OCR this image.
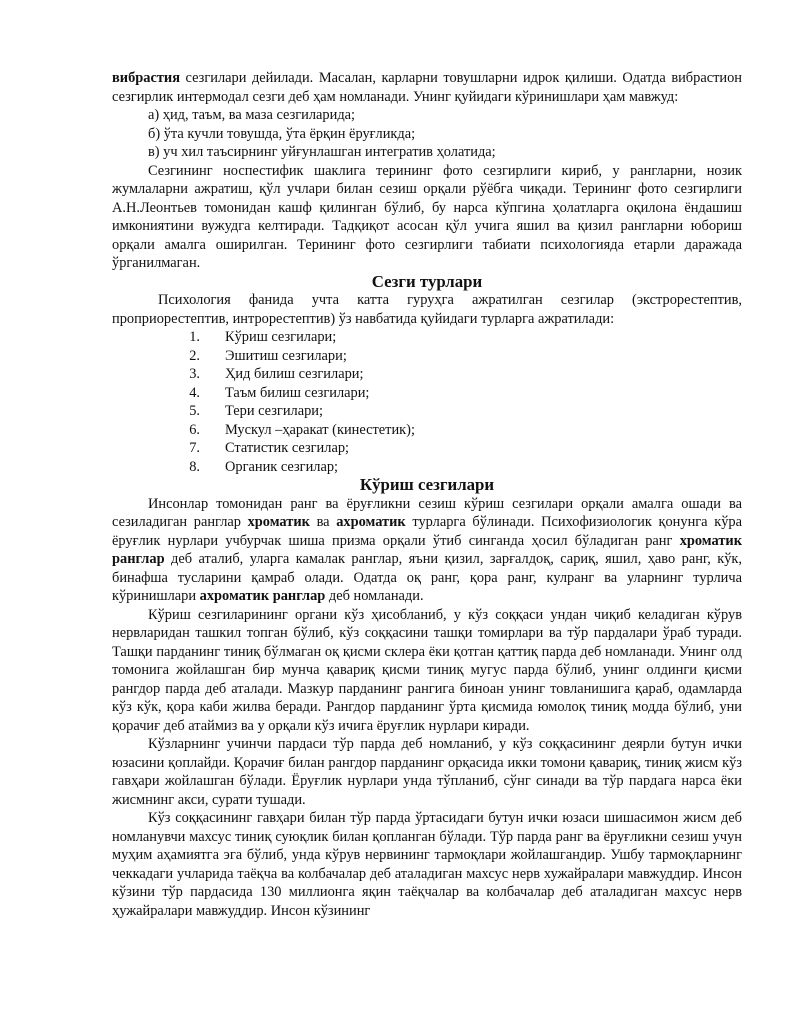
вибрастия сезгилари дейилади. Масалан, карларни товушларни идрок қилиши. Одатда вибрастион сезгирлик интермодал сезги деб ҳам номланади. Унинг қуйидаги кўринишлари ҳам мавжуд:

а) ҳид, таъм, ва маза сезгиларида;
б) ўта кучли товушда, ўта ёрқин ёруғликда;
в) уч хил таъсирнинг уйғунлашган интегратив ҳолатида;

Сезгининг носпестифик шаклига терининг фото сезгирлиги кириб, у рангларни, нозик жумлаларни ажратиш, қўл учлари билан сезиш орқали рўёбга чиқади. Терининг фото сезгирлиги А.Н.Леонтьев томонидан кашф қилинган бўлиб, бу нарса кўпгина ҳолатларга оқилона ёндашиш имкониятини вужудга келтиради. Тадқиқот асосан қўл учига яшил ва қизил рангларни юбориш орқали амалга оширилган. Терининг фото сезгирлиги табиати психологияда етарли даражада ўрганилмаган.

Сезги турлари

Психология фанида учта катта гуруҳга ажратилган сезгилар (экстрорестептив, проприорестептив, интрорестептив) ўз навбатида қуйидаги турларга ажратилади:

1.	Кўриш сезгилари;
2.	Эшитиш сезгилари;
3.	Ҳид билиш сезгилари;
4.	Таъм билиш сезгилари;
5.	Тери сезгилари;
6.	Мускул –ҳаракат (кинестетик);
7.	Статистик сезгилар;
8.	Органик сезгилар;
Кўриш сезгилари

Инсонлар томонидан ранг ва ёруғликни сезиш кўриш сезгилари орқали амалга ошади ва сезиладиган ранглар хроматик ва ахроматик турларга бўлинади. Психофизиологик қонунга кўра ёруғлик нурлари учбурчак шиша призма орқали ўтиб синганда ҳосил бўладиган ранг хроматик ранглар деб аталиб, уларга камалак ранглар, яъни қизил, зарғалдоқ, сариқ, яшил, ҳаво ранг, кўк, бинафша тусларини қамраб олади. Одатда оқ ранг, қора ранг, кулранг ва уларнинг турлича кўринишлари ахроматик ранглар деб номланади.

Кўриш сезгиларининг органи кўз ҳисобланиб, у кўз соққаси ундан чиқиб келадиган кўрув нервларидан ташкил топган бўлиб, кўз соққасини ташқи томирлари ва тўр пардалари ўраб туради. Ташқи парданинг тиниқ бўлмаган оқ қисми склера ёки қотган қаттиқ парда деб номланади. Унинг олд томонига жойлашган бир мунча қавариқ қисми тиниқ мугус парда бўлиб, унинг олдинги қисми рангдор парда деб аталади. Мазкур парданинг рангига биноан унинг товланишига қараб, одамларда кўз кўк, қора каби жилва беради. Рангдор парданинг ўрта қисмида юмолоқ тиниқ модда бўлиб, уни қорачиғ деб атаймиз ва у орқали кўз ичига ёруғлик нурлари киради.

Кўзларнинг учинчи пардаси тўр парда деб номланиб, у кўз соққасининг деярли бутун ички юзасини қоплайди. Қорачиғ билан рангдор парданинг орқасида икки томони қавариқ, тиниқ жисм кўз гавҳари жойлашган бўлади. Ёруғлик нурлари унда тўпланиб, сўнг синади ва тўр пардага нарса ёки жисмнинг акси, сурати тушади.

Кўз соққасининг гавҳари билан тўр парда ўртасидаги бутун ички юзаси шишасимон жисм деб номланувчи махсус тиниқ суюқлик билан қопланган бўлади. Тўр парда ранг ва ёруғликни сезиш учун муҳим аҳамиятга эга бўлиб, унда кўрув нервининг тармоқлари жойлашгандир. Ушбу тармоқларнинг чеккадаги учларида таёқча ва колбачалар деб аталадиган махсус нерв хужайралари мавжуддир. Инсон кўзини тўр пардасида 130 миллионга яқин таёқчалар ва колбачалар деб аталадиган махсус нерв ҳужайралари мавжуддир. Инсон кўзининг
